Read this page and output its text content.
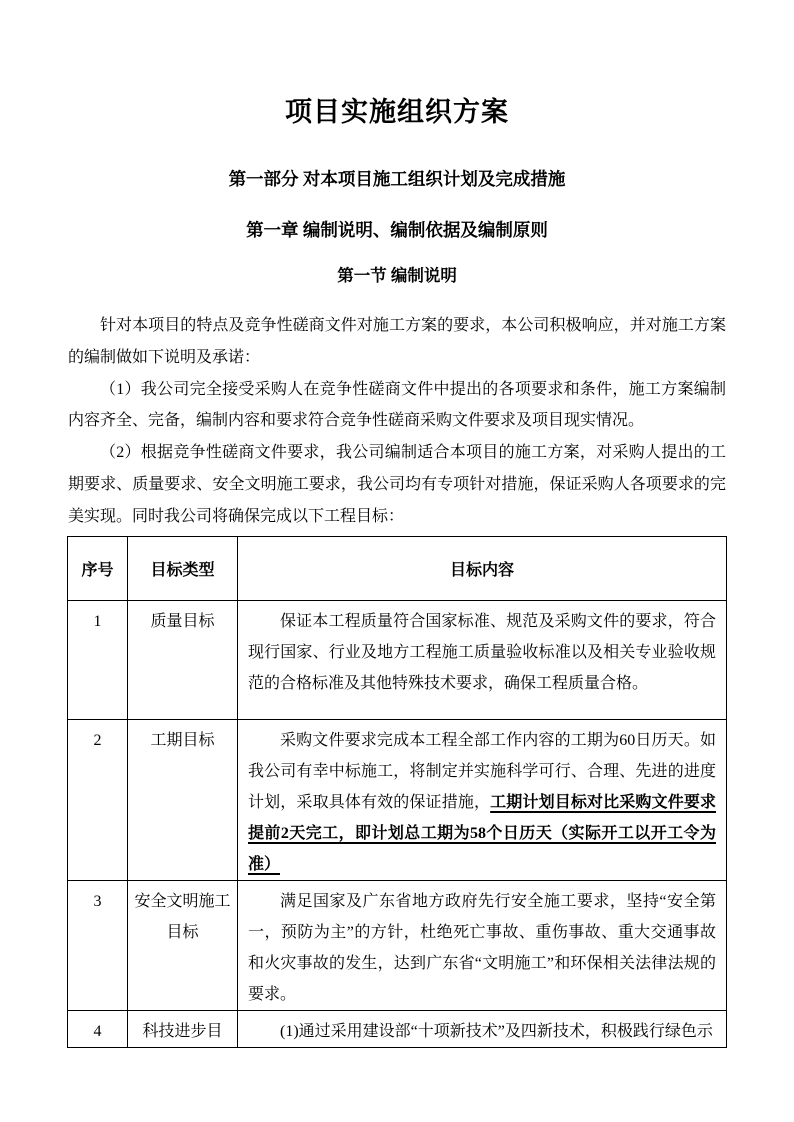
项目实施组织方案
第一部分 对本项目施工组织计划及完成措施
第一章 编制说明、编制依据及编制原则
第一节 编制说明

针对本项目的特点及竞争性磋商文件对施工方案的要求，本公司积极响应，并对施工方案的编制做如下说明及承诺：

（1）我公司完全接受采购人在竞争性磋商文件中提出的各项要求和条件，施工方案编制内容齐全、完备，编制内容和要求符合竞争性磋商采购文件要求及项目现实情况。

（2）根据竞争性磋商文件要求，我公司编制适合本项目的施工方案，对采购人提出的工期要求、质量要求、安全文明施工要求，我公司均有专项针对措施，保证采购人各项要求的完美实现。同时我公司将确保完成以下工程目标：

序号	目标类型	目标内容

1	质量目标	保证本工程质量符合国家标准、规范及采购文件的要求，符合现行国家、行业及地方工程施工质量验收标准以及相关专业验收规范的合格标准及其他特殊技术要求，确保工程质量合格。

2	工期目标	采购文件要求完成本工程全部工作内容的工期为60日历天。如我公司有幸中标施工，将制定并实施科学可行、合理、先进的进度计划，采取具体有效的保证措施，工期计划目标对比采购文件要求提前2天完工，即计划总工期为58个日历天（实际开工以开工令为准）

3	安全文明施工目标	满足国家及广东省地方政府先行安全施工要求，坚持“安全第一，预防为主”的方针，杜绝死亡事故、重伤事故、重大交通事故和火灾事故的发生，达到广东省“文明施工”和环保相关法律法规的要求。

4	科技进步目	(1)通过采用建设部“十项新技术”及四新技术，积极践行绿色示
